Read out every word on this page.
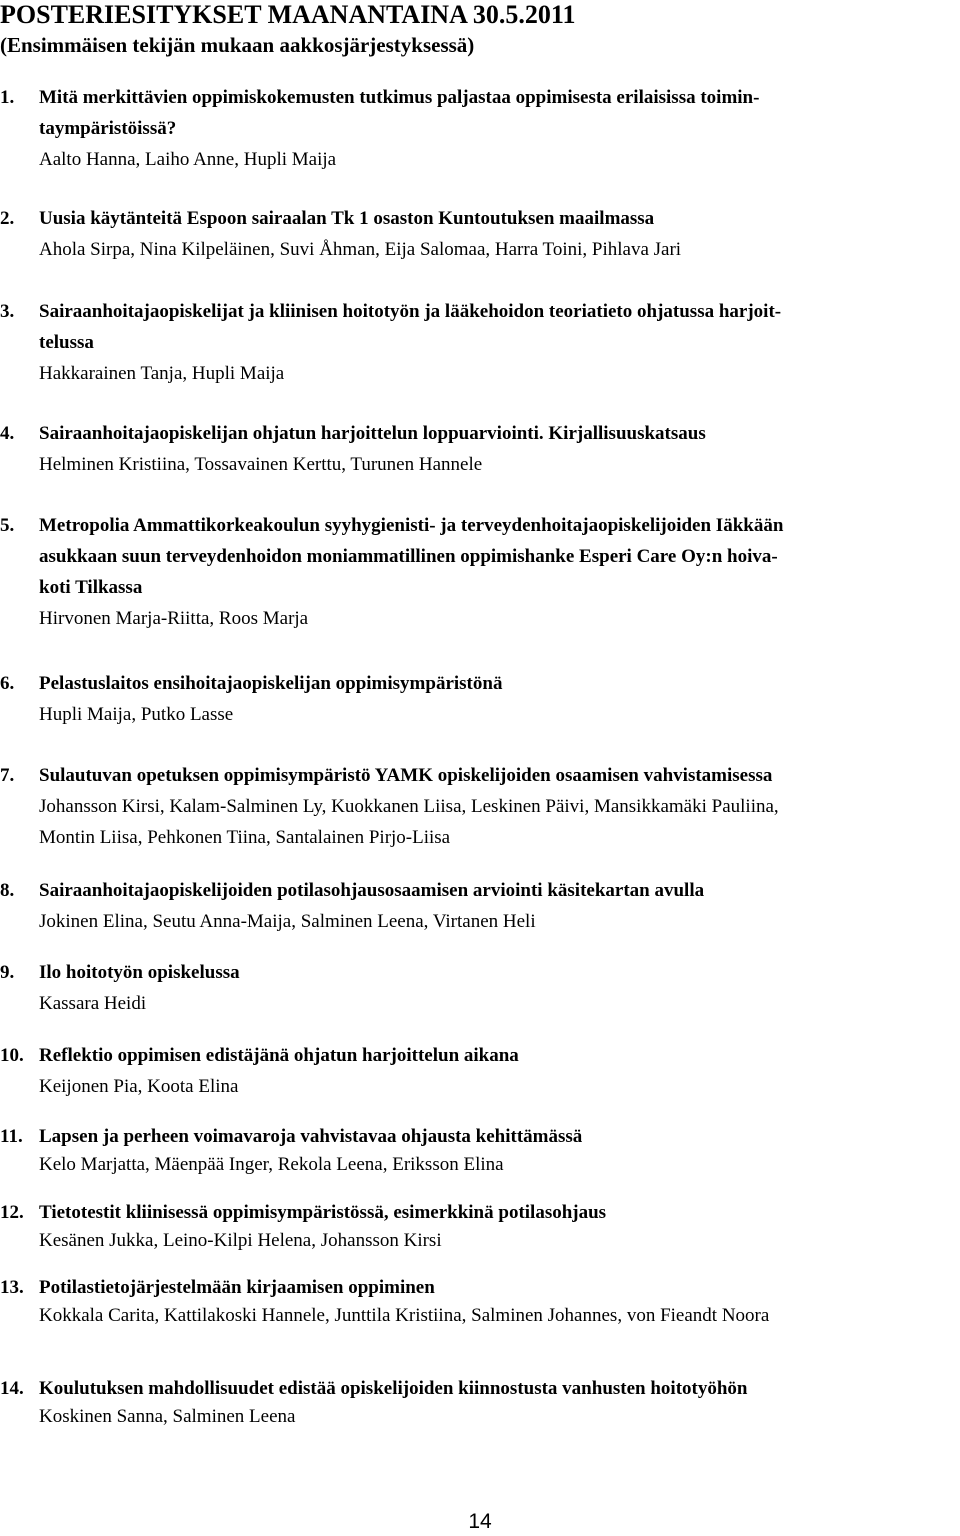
POSTERIESITYKSET MAANANTAINA 30.5.2011
(Ensimmäisen tekijän mukaan aakkosjärjestyksessä)
1. Mitä merkittävien oppimiskokemusten tutkimus paljastaa oppimisesta erilaisissa toimin-
taympäristöissä?
Aalto Hanna, Laiho Anne, Hupli Maija
2. Uusia käytänteitä Espoon sairaalan Tk 1 osaston Kuntoutuksen maailmassa
Ahola Sirpa, Nina Kilpeläinen, Suvi Åhman, Eija Salomaa, Harra Toini, Pihlava Jari
3. Sairaanhoitajaopiskelijat ja kliinisen hoitotyön ja lääkehoidon teoriatieto ohjatussa harjoit-
telussa
Hakkarainen Tanja, Hupli Maija
4. Sairaanhoitajaopiskelijan ohjatun harjoittelun loppuarviointi. Kirjallisuuskatsaus
Helminen Kristiina, Tossavainen Kerttu, Turunen Hannele
5. Metropolia Ammattikorkeakoulun syyhygienisti- ja terveydenhoitajaopiskelijoiden Iäkkään
asukkaan suun terveydenhoidon moniammatillinen oppimishanke Esperi Care Oy:n hoiva-
koti Tilkassa
Hirvonen Marja-Riitta, Roos Marja
6. Pelastuslaitos ensihoitajaopiskelijan oppimisympäristönä
Hupli Maija, Putko Lasse
7. Sulautuvan opetuksen oppimisympäristö YAMK opiskelijoiden osaamisen vahvistamisessa
Johansson Kirsi, Kalam-Salminen Ly, Kuokkanen Liisa, Leskinen Päivi, Mansikkamäki Pauliina,
Montin Liisa, Pehkonen Tiina, Santalainen Pirjo-Liisa
8. Sairaanhoitajaopiskelijoiden potilasohjausosaamisen arviointi käsitekartan avulla
Jokinen Elina, Seutu Anna-Maija, Salminen Leena, Virtanen Heli
9. Ilo hoitotyön opiskelussa
Kassara Heidi
10. Reflektio oppimisen edistäjänä ohjatun harjoittelun aikana
Keijonen Pia, Koota Elina
11. Lapsen ja perheen voimavaroja vahvistavaa ohjausta kehittämässä
Kelo Marjatta, Mäenpää Inger, Rekola Leena, Eriksson Elina
12. Tietotestit kliinisessä oppimisympäristössä, esimerkkinä potilasohjaus
Kesänen Jukka, Leino-Kilpi Helena, Johansson Kirsi
13. Potilastietojärjestelmään kirjaamisen oppiminen
Kokkala Carita, Kattilakoski Hannele, Junttila Kristiina, Salminen Johannes, von Fieandt Noora
14. Koulutuksen mahdollisuudet edistää opiskelijoiden kiinnostusta vanhusten hoitotyöhön
Koskinen Sanna, Salminen Leena
14
